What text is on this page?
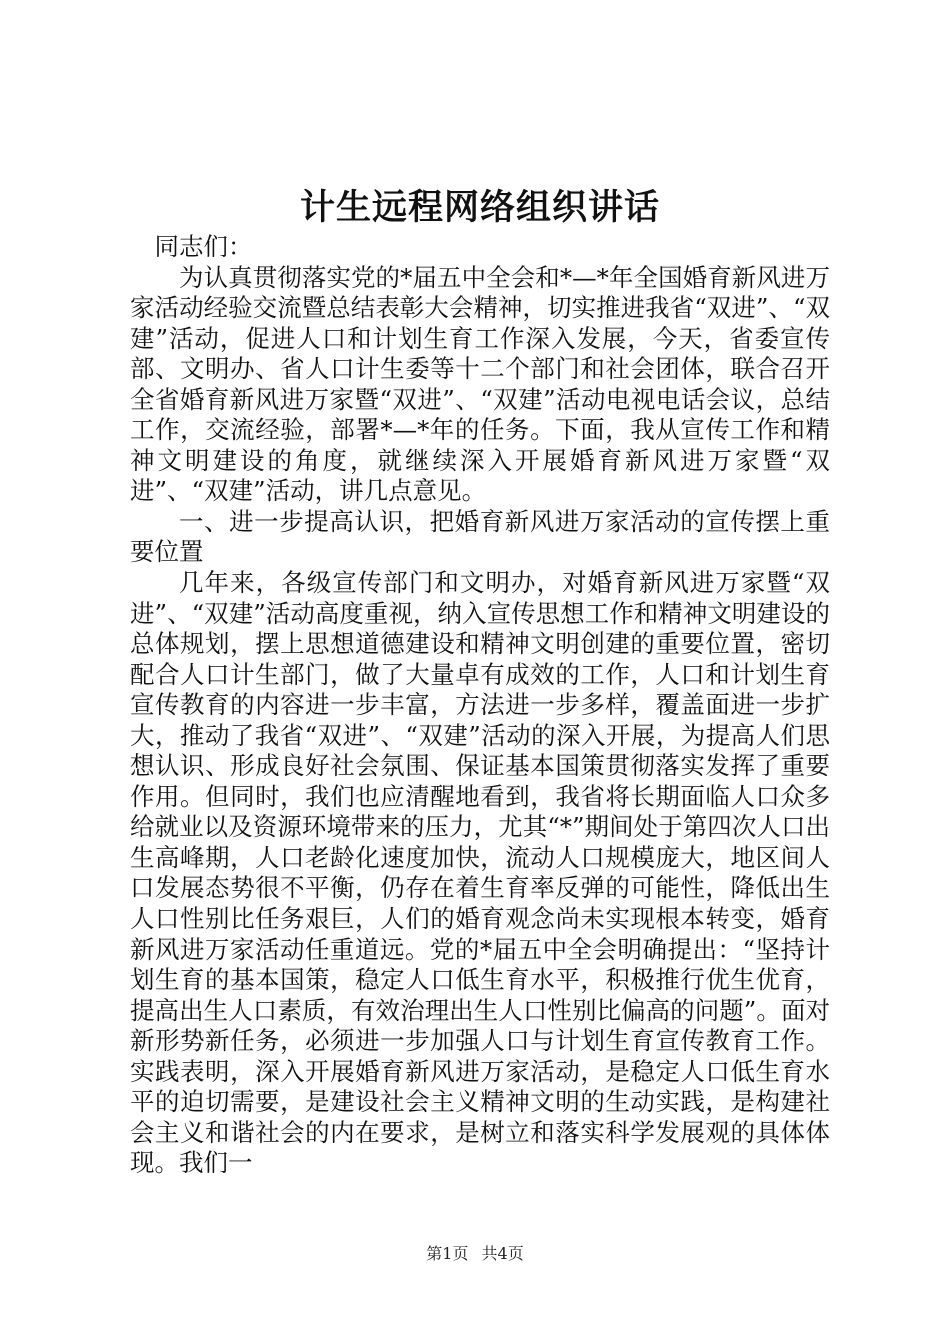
计生远程网络组织讲话

同志们：

为认真贯彻落实党的*届五中全会和*—*年全国婚育新风进万家活动经验交流暨总结表彰大会精神，切实推进我省“双进”、“双建”活动，促进人口和计划生育工作深入发展，今天，省委宣传部、文明办、省人口计生委等十二个部门和社会团体，联合召开全省婚育新风进万家暨“双进”、“双建”活动电视电话会议，总结工作，交流经验，部署*—*年的任务。下面，我从宣传工作和精神文明建设的角度，就继续深入开展婚育新风进万家暨“双进”、“双建”活动，讲几点意见。

一、进一步提高认识，把婚育新风进万家活动的宣传摆上重要位置

几年来，各级宣传部门和文明办，对婚育新风进万家暨“双进”、“双建”活动高度重视，纳入宣传思想工作和精神文明建设的总体规划，摆上思想道德建设和精神文明创建的重要位置，密切配合人口计生部门，做了大量卓有成效的工作，人口和计划生育宣传教育的内容进一步丰富，方法进一步多样，覆盖面进一步扩大，推动了我省“双进”、“双建”活动的深入开展，为提高人们思想认识、形成良好社会氛围、保证基本国策贯彻落实发挥了重要作用。但同时，我们也应清醒地看到，我省将长期面临人口众多给就业以及资源环境带来的压力，尤其“*”期间处于第四次人口出生高峰期，人口老龄化速度加快，流动人口规模庞大，地区间人口发展态势很不平衡，仍存在着生育率反弹的可能性，降低出生人口性别比任务艰巨，人们的婚育观念尚未实现根本转变，婚育新风进万家活动任重道远。党的*届五中全会明确提出：“坚持计划生育的基本国策，稳定人口低生育水平，积极推行优生优育，提高出生人口素质，有效治理出生人口性别比偏高的问题”。面对新形势新任务，必须进一步加强人口与计划生育宣传教育工作。实践表明，深入开展婚育新风进万家活动，是稳定人口低生育水平的迫切需要，是建设社会主义精神文明的生动实践，是构建社会主义和谐社会的内在要求，是树立和落实科学发展观的具体体现。我们一

第1页 共4页
